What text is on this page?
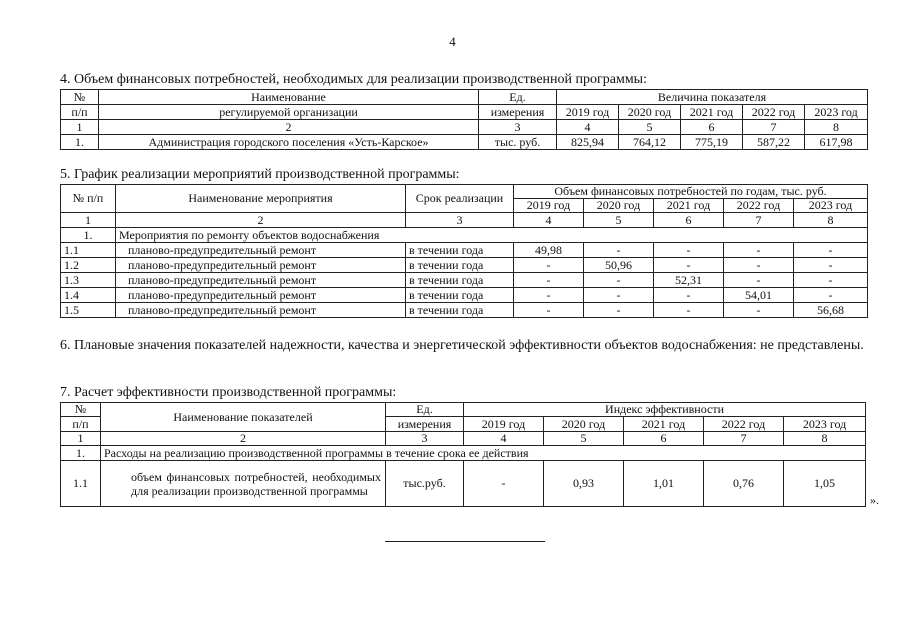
4
4. Объем финансовых потребностей, необходимых для реализации производственной программы:
№	Наименование	Ед.	Величина показателя				
п/п	регулируемой организации	измерения	2019 год	2020 год	2021 год	2022 год	2023 год
1	2	3	4	5	6	7	8
1.	Администрация городского поселения «Усть-Карское»	тыс. руб.	825,94	764,12	775,19	587,22	617,98
5. График реализации мероприятий производственной программы:
№ п/п	Наименование мероприятия	Срок реализации	Объем финансовых потребностей по годам, тыс. руб.				
			2019 год	2020 год	2021 год	2022 год	2023 год
1	2	3	4	5	6	7	8
1.	Мероприятия по ремонту объектов водоснабжения						
1.1	планово-предупредительный ремонт	в течении года	49,98	-	-	-	-
1.2	планово-предупредительный ремонт	в течении года	-	50,96	-	-	-
1.3	планово-предупредительный ремонт	в течении года	-	-	52,31	-	-
1.4	планово-предупредительный ремонт	в течении года	-	-	-	54,01	-
1.5	планово-предупредительный ремонт	в течении года	-	-	-	-	56,68
6. Плановые значения показателей надежности, качества и энергетической эффективности объектов водоснабжения: не представлены.
7. Расчет эффективности производственной программы:
№	Наименование показателей	Ед.	Индекс эффективности				
п/п		измерения	2019 год	2020 год	2021 год	2022 год	2023 год
1	2	3	4	5	6	7	8
1.	Расходы на реализацию производственной программы в течение срока ее действия						
1.1	объем финансовых потребностей, необходимых для реализации производственной программы	тыс.руб.	-	0,93	1,01	0,76	1,05
».
